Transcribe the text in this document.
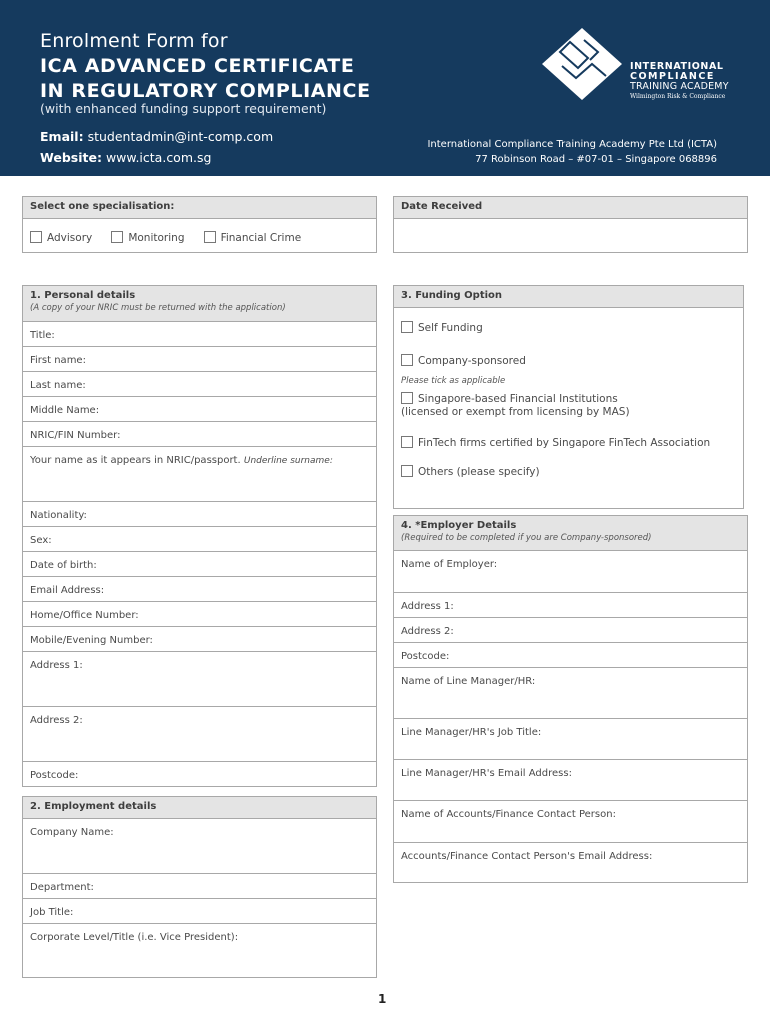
Enrolment Form for
ICA ADVANCED CERTIFICATE
IN REGULATORY COMPLIANCE
(with enhanced funding support requirement)
Email: studentadmin@int-comp.com
Website: www.icta.com.sg
INTERNATIONAL
COMPLIANCE
TRAINING ACADEMY
Wilmington Risk & Compliance
International Compliance Training Academy Pte Ltd (ICTA)
77 Robinson Road – #07-01 – Singapore 068896
Select one specialisation:
Advisory	Monitoring	Financial Crime
Date Received
1. Personal details
(A copy of your NRIC must be returned with the application)
Title:
First name:
Last name:
Middle Name:
NRIC/FIN Number:
Your name as it appears in NRIC/passport. Underline surname:
Nationality:
Sex:
Date of birth:
Email Address:
Home/Office Number:
Mobile/Evening Number:
Address 1:
Address 2:
Postcode:
3. Funding Option
Self Funding
Company-sponsored
Please tick as applicable
Singapore-based Financial Institutions
(licensed or exempt from licensing by MAS)
FinTech firms certified by Singapore FinTech Association
Others (please specify)
4. *Employer Details
(Required to be completed if you are Company-sponsored)
Name of Employer:
Address 1:
Address 2:
Postcode:
Name of Line Manager/HR:
Line Manager/HR's Job Title:
Line Manager/HR's Email Address:
Name of Accounts/Finance Contact Person:
Accounts/Finance Contact Person's Email Address:
2. Employment details
Company Name:
Department:
Job Title:
Corporate Level/Title (i.e. Vice President):
1
